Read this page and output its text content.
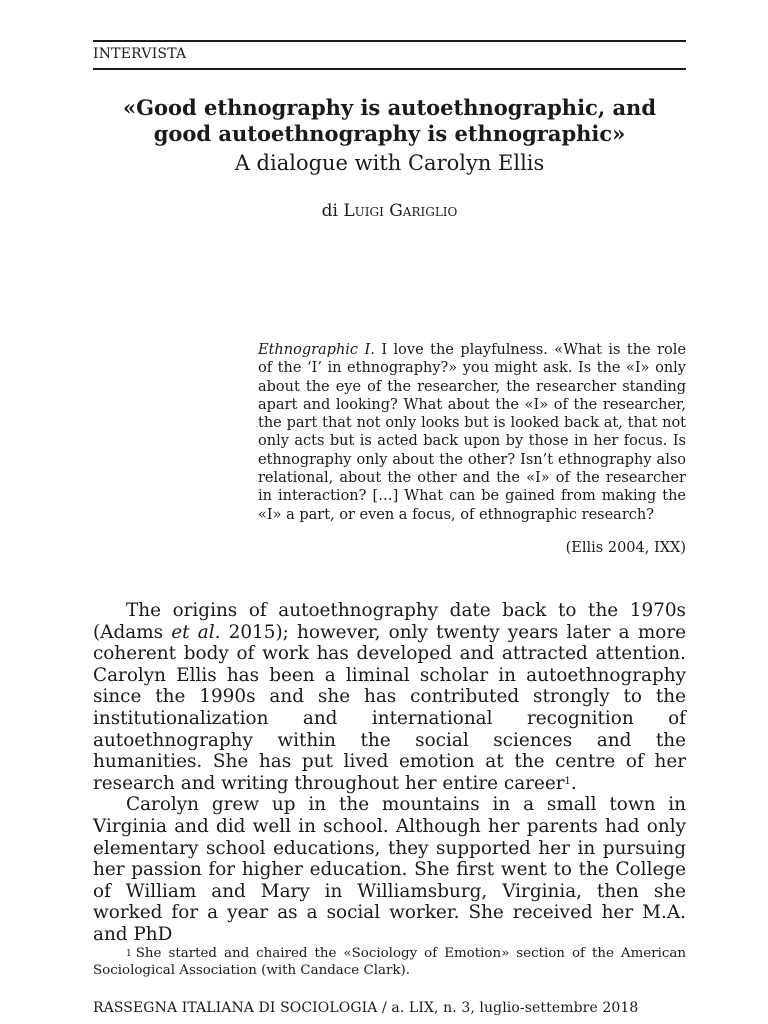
INTERVISTA
«Good ethnography is autoethnographic, and good autoethnography is ethnographic»
A dialogue with Carolyn Ellis
di Luigi Gariglio
Ethnographic I. I love the playfulness. «What is the role of the ‘I’ in ethnography?» you might ask. Is the «I» only about the eye of the researcher, the researcher standing apart and looking? What about the «I» of the researcher, the part that not only looks but is looked back at, that not only acts but is acted back upon by those in her focus. Is ethnography only about the other? Isn’t ethnography also relational, about the other and the «I» of the researcher in interaction? […] What can be gained from making the «I» a part, or even a focus, of ethnographic research?
(Ellis 2004, IXX)

The origins of autoethnography date back to the 1970s (Adams et al. 2015); however, only twenty years later a more coherent body of work has developed and attracted attention. Carolyn Ellis has been a liminal scholar in autoethnography since the 1990s and she has contributed strongly to the institutionalization and international recognition of autoethnography within the social sciences and the humanities. She has put lived emotion at the centre of her research and writing throughout her entire career$^1$.

Carolyn grew up in the mountains in a small town in Virginia and did well in school. Although her parents had only elementary school educations, they supported her in pursuing her passion for higher education. She first went to the College of William and Mary in Williamsburg, Virginia, then she worked for a year as a social worker. She received her M.A. and PhD

$^1$ She started and chaired the «Sociology of Emotion» section of the American Sociological Association (with Candace Clark).
RASSEGNA ITALIANA DI SOCIOLOGIA / a. LIX, n. 3, luglio-settembre 2018
